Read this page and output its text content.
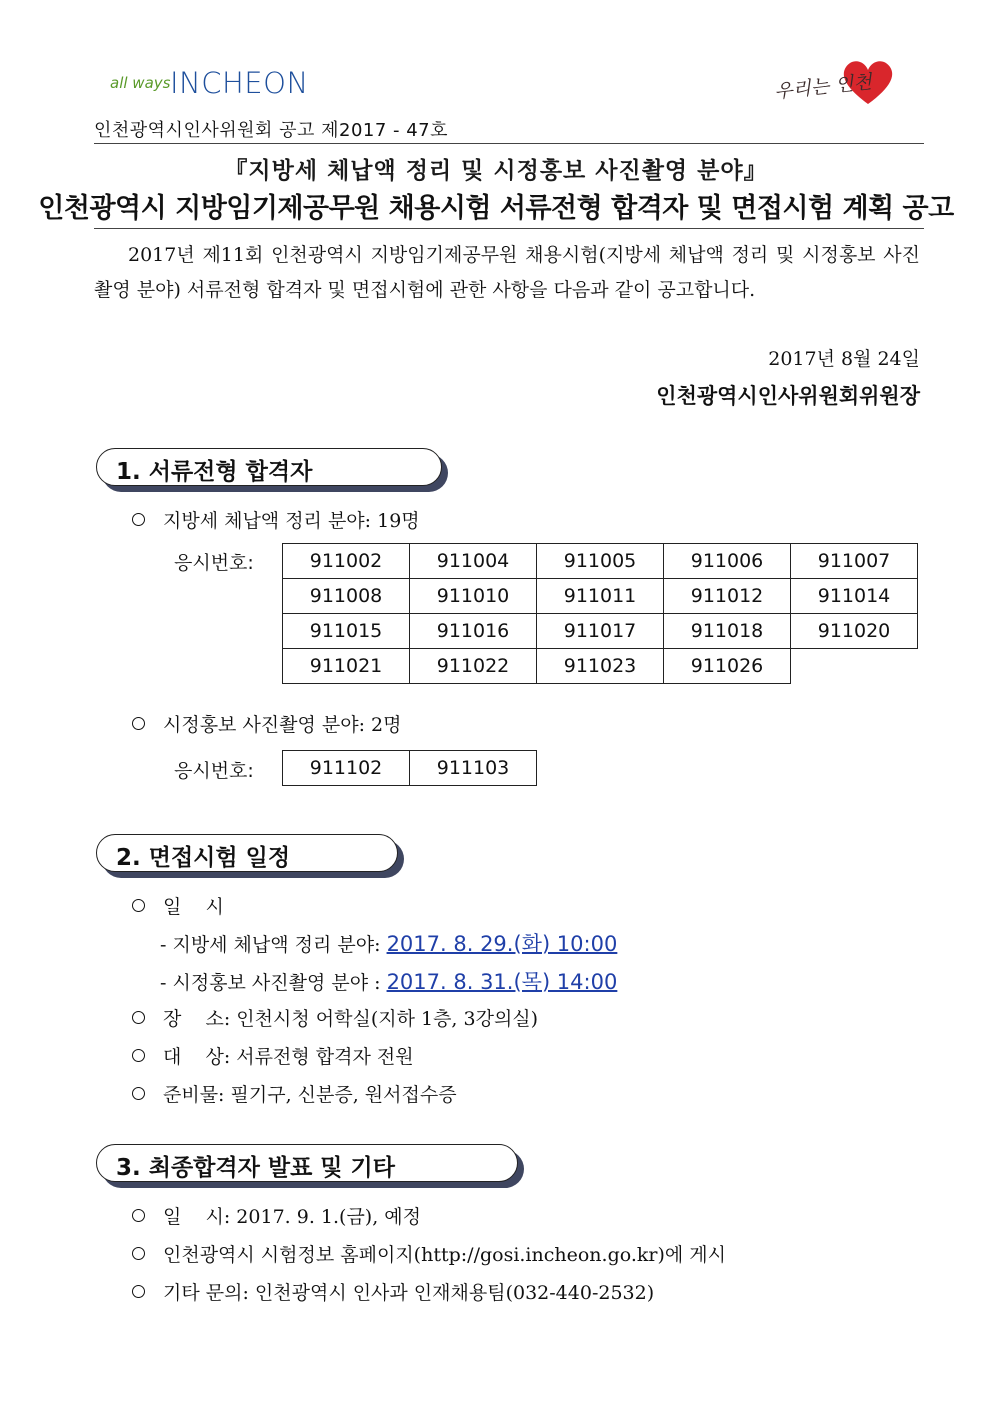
all ways INCHEON	우리는 인천
인천광역시인사위원회 공고 제2017 - 47호
『지방세 체납액 정리 및 시정홍보 사진촬영 분야』
인천광역시 지방임기제공무원 채용시험 서류전형 합격자 및 면접시험 계획 공고
2017년 제11회 인천광역시 지방임기제공무원 채용시험(지방세 체납액 정리 및 시정홍보 사진촬영 분야) 서류전형 합격자 및 면접시험에 관한 사항을 다음과 같이 공고합니다.
2017년 8월 24일
인천광역시인사위원회위원장
1. 서류전형 합격자
지방세 체납액 정리 분야: 19명
응시번호:	911002	911004	911005	911006	911007
911008	911010	911011	911012	911014
911015	911016	911017	911018	911020
911021	911022	911023	911026	
시정홍보 사진촬영 분야: 2명
응시번호:	911102	911103
2. 면접시험 일정
일    시
- 지방세 체납액 정리 분야: 2017. 8. 29.(화) 10:00
- 시정홍보 사진촬영 분야 : 2017. 8. 31.(목) 14:00
장    소: 인천시청 어학실(지하 1층, 3강의실)
대    상: 서류전형 합격자 전원
준비물: 필기구, 신분증, 원서접수증
3. 최종합격자 발표 및 기타
일    시: 2017. 9. 1.(금), 예정
인천광역시 시험정보 홈페이지(http://gosi.incheon.go.kr)에 게시
기타 문의: 인천광역시 인사과 인재채용팀(032-440-2532)
